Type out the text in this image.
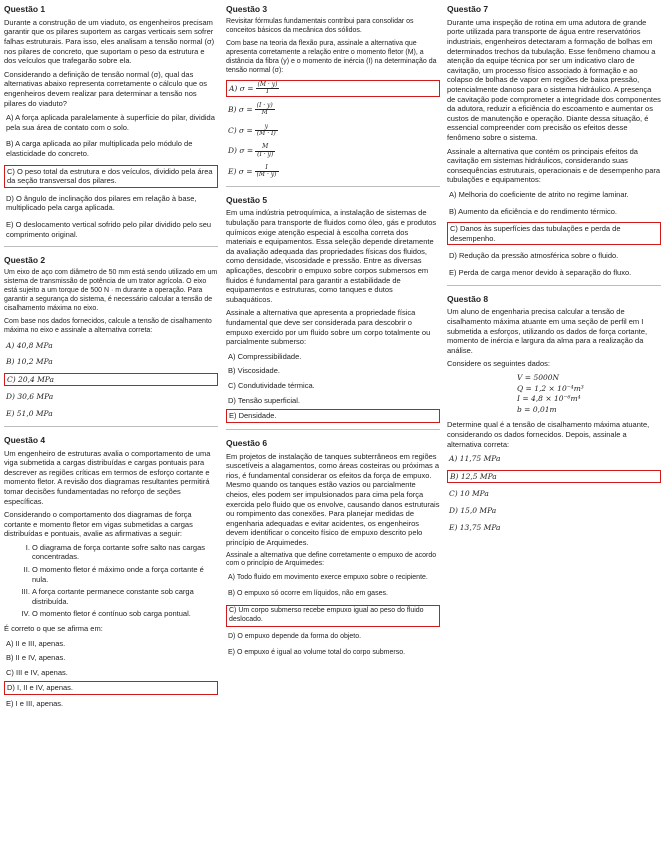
Questão 1

Durante a construção de um viaduto, os engenheiros precisam garantir que os pilares suportem as cargas verticais sem sofrer falhas estruturais. Para isso, eles analisam a tensão normal (σ) nos pilares de concreto, que suportam o peso da estrutura e dos veículos que trafegarão sobre ela.

Considerando a definição de tensão normal (σ), qual das alternativas abaixo representa corretamente o cálculo que os engenheiros devem realizar para determinar a tensão nos pilares do viaduto?

A) A força aplicada paralelamente à superfície do pilar, dividida pela sua área de contato com o solo.
B) A carga aplicada ao pilar multiplicada pelo módulo de elasticidade do concreto.
C) O peso total da estrutura e dos veículos, dividido pela área da seção transversal dos pilares.
D) O ângulo de inclinação dos pilares em relação à base, multiplicado pela carga aplicada.
E) O deslocamento vertical sofrido pelo pilar dividido pelo seu comprimento original.
Questão 2

Um eixo de aço com diâmetro de 50 mm está sendo utilizado em um sistema de transmissão de potência de um trator agrícola. O eixo está sujeito a um torque de 500 N · m durante a operação. Para garantir a segurança do sistema, é necessário calcular a tensão de cisalhamento máxima no eixo.

Com base nos dados fornecidos, calcule a tensão de cisalhamento máxima no eixo e assinale a alternativa correta:

A) 40,8 MPa
B) 10,2 MPa
C) 20,4 MPa
D) 30,6 MPa
E) 51,0 MPa
Questão 4

Um engenheiro de estruturas avalia o comportamento de uma viga submetida a cargas distribuídas e cargas pontuais para descrever as regiões críticas em termos de esforço cortante e momento fletor. A revisão dos diagramas resultantes permitirá tomar decisões fundamentadas no reforço de seções específicas.

Considerando o comportamento dos diagramas de força cortante e momento fletor em vigas submetidas a cargas distribuídas e pontuais, avalie as afirmativas a seguir:

I. O diagrama de força cortante sofre salto nas cargas concentradas.
II. O momento fletor é máximo onde a força cortante é nula.
III. A força cortante permanece constante sob carga distribuída.
IV. O momento fletor é contínuo sob carga pontual.

É correto o que se afirma em:

A) II e III, apenas.
B) II e IV, apenas.
C) III e IV, apenas.
D) I, II e IV, apenas.
E) I e III, apenas.
Questão 3

Revisitar fórmulas fundamentais contribui para consolidar os conceitos básicos da mecânica dos sólidos.

Com base na teoria da flexão pura, assinale a alternativa que apresenta corretamente a relação entre o momento fletor (M), a distância da fibra (y) e o momento de inércia (I) na determinação da tensão normal (σ):

A) $\sigma = \frac{(M \cdot y)}{I}$
B) $\sigma = \frac{(I \cdot y)}{M}$
C) $\sigma = \frac{y}{(M \cdot I)}$
D) $\sigma = \frac{M}{(I \cdot y)}$
E) $\sigma = \frac{I}{(M \cdot y)}$
Questão 5

Em uma indústria petroquímica, a instalação de sistemas de tubulação para transporte de fluidos como óleo, gás e produtos químicos exige atenção especial à escolha correta dos materiais e equipamentos. Essa seleção depende diretamente da avaliação adequada das propriedades físicas dos fluidos, como densidade, viscosidade e pressão. Entre as diversas aplicações, descobrir o empuxo sobre corpos submersos em fluidos é fundamental para garantir a estabilidade de equipamentos e estruturas, como tanques e dutos subaquáticos.

Assinale a alternativa que apresenta a propriedade física fundamental que deve ser considerada para descobrir o empuxo exercido por um fluido sobre um corpo totalmente ou parcialmente submerso:

A) Compressibilidade.
B) Viscosidade.
C) Condutividade térmica.
D) Tensão superficial.
E) Densidade.
Questão 6

Em projetos de instalação de tanques subterrâneos em regiões suscetíveis a alagamentos, como áreas costeiras ou próximas a rios, é fundamental considerar os efeitos da força de empuxo. Mesmo quando os tanques estão vazios ou parcialmente cheios, eles podem ser impulsionados para cima pela força exercida pelo fluido que os envolve, causando danos estruturais ou rompimento das conexões. Para planejar medidas de engenharia adequadas e evitar acidentes, os engenheiros devem identificar o conceito físico de empuxo descrito pelo princípio de Arquimedes.

Assinale a alternativa que define corretamente o empuxo de acordo com o princípio de Arquimedes:

A) Todo fluido em movimento exerce empuxo sobre o recipiente.
B) O empuxo só ocorre em líquidos, não em gases.
C) Um corpo submerso recebe empuxo igual ao peso do fluido deslocado.
D) O empuxo depende da forma do objeto.
E) O empuxo é igual ao volume total do corpo submerso.
Questão 7

Durante uma inspeção de rotina em uma adutora de grande porte utilizada para transporte de água entre reservatórios industriais, engenheiros detectaram a formação de bolhas em determinados trechos da tubulação. Esse fenômeno chamou a atenção da equipe técnica por ser um indicativo claro de cavitação, um processo físico associado à formação e ao colapso de bolhas de vapor em regiões de baixa pressão, potencialmente danoso para o sistema hidráulico. A presença de cavitação pode comprometer a integridade dos componentes da adutora, reduzir a eficiência do escoamento e aumentar os custos de manutenção e operação. Diante dessa situação, é essencial compreender com precisão os efeitos desse fenômeno sobre o sistema.

Assinale a alternativa que contém os principais efeitos da cavitação em sistemas hidráulicos, considerando suas consequências estruturais, operacionais e de desempenho para tubulações e equipamentos:

A) Melhoria do coeficiente de atrito no regime laminar.
B) Aumento da eficiência e do rendimento térmico.
C) Danos às superfícies das tubulações e perda de desempenho.
D) Redução da pressão atmosférica sobre o fluido.
E) Perda de carga menor devido à separação do fluxo.
Questão 8

Um aluno de engenharia precisa calcular a tensão de cisalhamento máxima atuante em uma seção de perfil em I submetida a esforços, utilizando os dados de força cortante, momento de inércia e largura da alma para a realização da análise.

Considere os seguintes dados:

V = 5000N
Q = 1,2 × 10⁻⁴m³
I = 4,8 × 10⁻⁶m⁴
b = 0,01m

Determine qual é a tensão de cisalhamento máxima atuante, considerando os dados fornecidos. Depois, assinale a alternativa correta:

A) 11,75 MPa
B) 12,5 MPa
C) 10 MPa
D) 15,0 MPa
E) 13,75 MPa
